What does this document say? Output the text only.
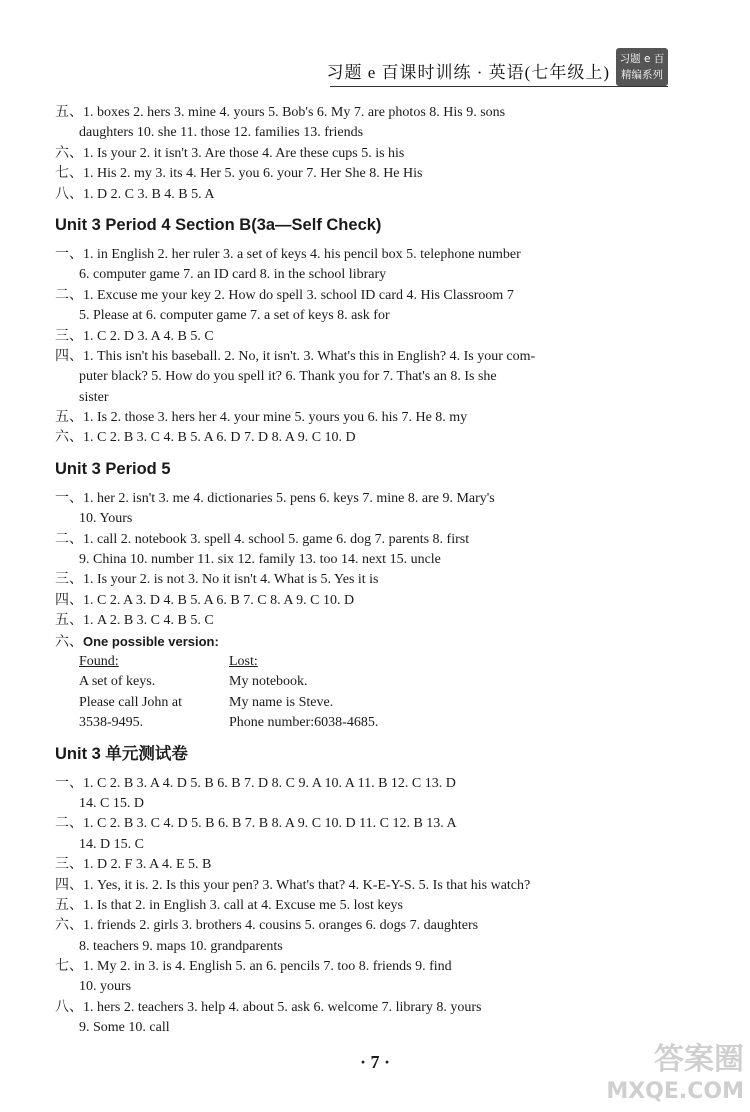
习题 e 百课时训练 · 英语(七年级上)
习题 e 百
精编系列
五、1. boxes 2. hers 3. mine 4. yours 5. Bob's 6. My 7. are photos 8. His 9. sons
daughters 10. she 11. those 12. families 13. friends
六、1. Is your 2. it isn't 3. Are those 4. Are these cups 5. is his
七、1. His 2. my 3. its 4. Her 5. you 6. your 7. Her She 8. He His
八、1. D 2. C 3. B 4. B 5. A
Unit 3 Period 4 Section B(3a—Self Check)
一、1. in English 2. her ruler 3. a set of keys 4. his pencil box 5. telephone number
6. computer game 7. an ID card 8. in the school library
二、1. Excuse me your key 2. How do spell 3. school ID card 4. His Classroom 7
5. Please at 6. computer game 7. a set of keys 8. ask for
三、1. C 2. D 3. A 4. B 5. C
四、1. This isn't his baseball. 2. No, it isn't. 3. What's this in English? 4. Is your com-
puter black? 5. How do you spell it? 6. Thank you for 7. That's an 8. Is she
sister
五、1. Is 2. those 3. hers her 4. your mine 5. yours you 6. his 7. He 8. my
六、1. C 2. B 3. C 4. B 5. A 6. D 7. D 8. A 9. C 10. D
Unit 3 Period 5
一、1. her 2. isn't 3. me 4. dictionaries 5. pens 6. keys 7. mine 8. are 9. Mary's
10. Yours
二、1. call 2. notebook 3. spell 4. school 5. game 6. dog 7. parents 8. first
9. China 10. number 11. six 12. family 13. too 14. next 15. uncle
三、1. Is your 2. is not 3. No it isn't 4. What is 5. Yes it is
四、1. C 2. A 3. D 4. B 5. A 6. B 7. C 8. A 9. C 10. D
五、1. A 2. B 3. C 4. B 5. C
六、One possible version:
Found:	Lost:
A set of keys.	My notebook.
Please call John at	My name is Steve.
3538-9495.	Phone number:6038-4685.
Unit 3 单元测试卷
一、1. C 2. B 3. A 4. D 5. B 6. B 7. D 8. C 9. A 10. A 11. B 12. C 13. D
14. C 15. D
二、1. C 2. B 3. C 4. D 5. B 6. B 7. B 8. A 9. C 10. D 11. C 12. B 13. A
14. D 15. C
三、1. D 2. F 3. A 4. E 5. B
四、1. Yes, it is. 2. Is this your pen? 3. What's that? 4. K-E-Y-S. 5. Is that his watch?
五、1. Is that 2. in English 3. call at 4. Excuse me 5. lost keys
六、1. friends 2. girls 3. brothers 4. cousins 5. oranges 6. dogs 7. daughters
8. teachers 9. maps 10. grandparents
七、1. My 2. in 3. is 4. English 5. an 6. pencils 7. too 8. friends 9. find
10. yours
八、1. hers 2. teachers 3. help 4. about 5. ask 6. welcome 7. library 8. yours
9. Some 10. call
· 7 ·	答案圈
MXQE.COM
